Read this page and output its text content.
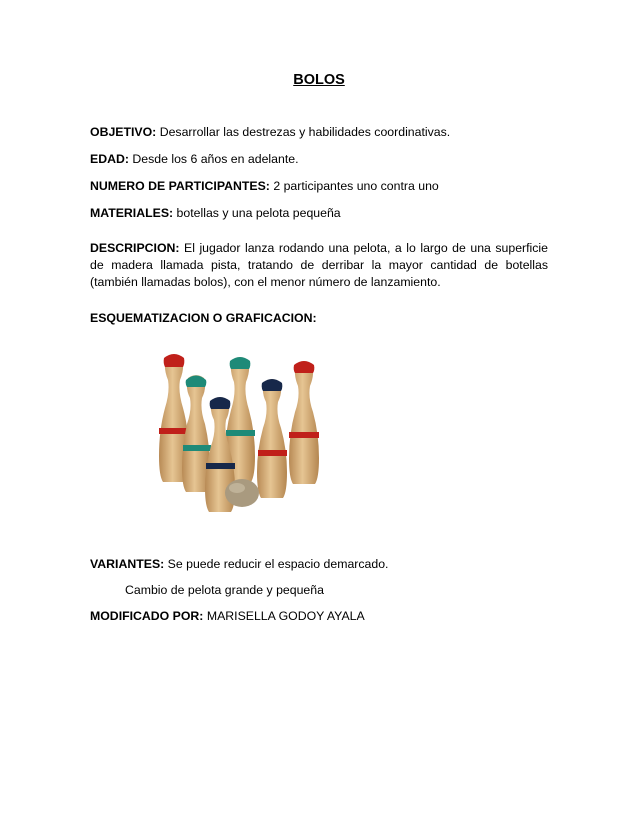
BOLOS
OBJETIVO: Desarrollar las destrezas y habilidades coordinativas.
EDAD: Desde los 6 años en adelante.
NUMERO DE PARTICIPANTES: 2 participantes uno contra uno
MATERIALES: botellas y una pelota pequeña
DESCRIPCION: El jugador lanza rodando una pelota, a lo largo de una superficie de madera llamada pista, tratando de derribar la mayor cantidad de botellas (también llamadas bolos), con el menor número de lanzamiento.
ESQUEMATIZACION O GRAFICACION:
VARIANTES: Se puede reducir el espacio demarcado.
Cambio de pelota grande y pequeña
MODIFICADO POR: MARISELLA GODOY AYALA
